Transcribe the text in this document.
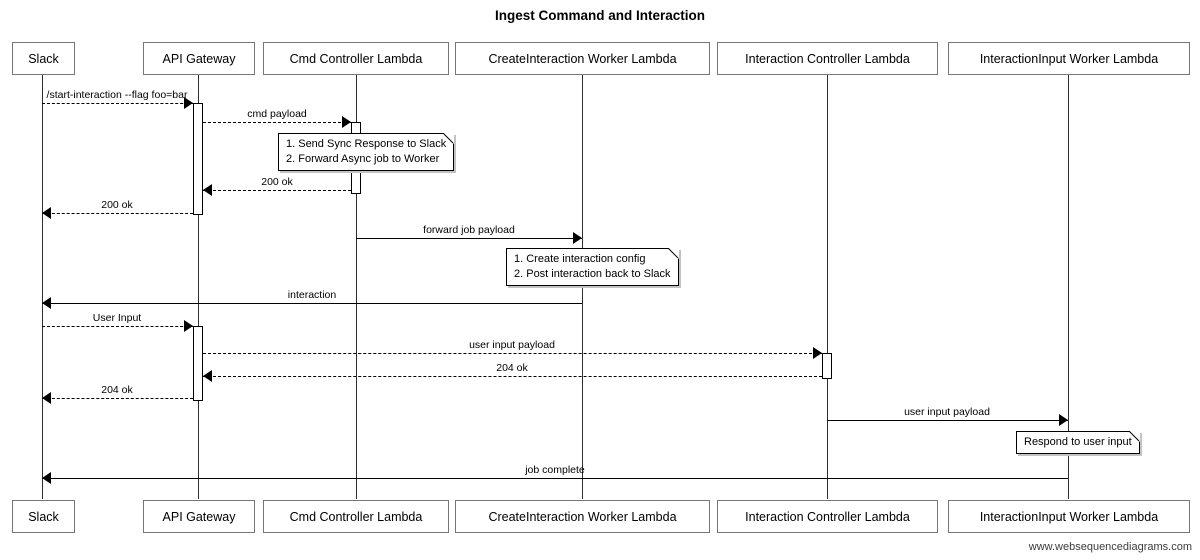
Ingest Command and Interaction
Slack	API Gateway	Cmd Controller Lambda	CreateInteraction Worker Lambda	Interaction Controller Lambda	InteractionInput Worker Lambda
Slack	API Gateway	Cmd Controller Lambda	CreateInteraction Worker Lambda	Interaction Controller Lambda	InteractionInput Worker Lambda
/start-interaction --flag foo=bar
cmd payload
1. Send Sync Response to Slack
2. Forward Async job to Worker
200 ok
200 ok
forward job payload
1. Create interaction config
2. Post interaction back to Slack
interaction
User Input
user input payload
204 ok
204 ok
user input payload
Respond to user input
job complete
www.websequencediagrams.com
